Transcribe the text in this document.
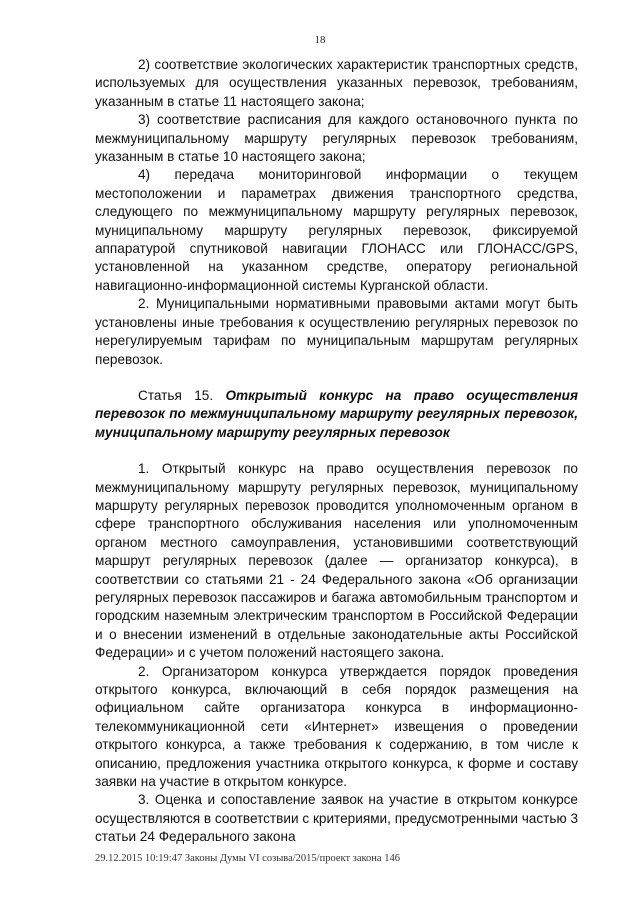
18

2) соответствие экологических характеристик транспортных средств, используемых для осуществления указанных перевозок, требованиям, указанным в статье 11 настоящего закона;

3) соответствие расписания для каждого остановочного пункта по межмуниципальному маршруту регулярных перевозок требованиям, указанным в статье 10 настоящего закона;

4) передача мониторинговой информации о текущем местоположении и параметрах движения транспортного средства, следующего по межмуниципальному маршруту регулярных перевозок, муниципальному маршруту регулярных перевозок, фиксируемой аппаратурой спутниковой навигации ГЛОНАСС или ГЛОНАСС/GPS, установленной на указанном средстве, оператору региональной навигационно-информационной системы Курганской области.

2. Муниципальными нормативными правовыми актами могут быть установлены иные требования к осуществлению регулярных перевозок по нерегулируемым тарифам по муниципальным маршрутам регулярных перевозок.

Статья 15. Открытый конкурс на право осуществления перевозок по межмуниципальному маршруту регулярных перевозок, муниципальному маршруту регулярных перевозок

1. Открытый конкурс на право осуществления перевозок по межмуниципальному маршруту регулярных перевозок, муниципальному маршруту регулярных перевозок проводится уполномоченным органом в сфере транспортного обслуживания населения или уполномоченным органом местного самоуправления, установившими соответствующий маршрут регулярных перевозок (далее — организатор конкурса), в соответствии со статьями 21 - 24 Федерального закона «Об организации регулярных перевозок пассажиров и багажа автомобильным транспортом и городским наземным электрическим транспортом в Российской Федерации и о внесении изменений в отдельные законодательные акты Российской Федерации» и с учетом положений настоящего закона.

2. Организатором конкурса утверждается порядок проведения открытого конкурса, включающий в себя порядок размещения на официальном сайте организатора конкурса в информационно-телекоммуникационной сети «Интернет» извещения о проведении открытого конкурса, а также требования к содержанию, в том числе к описанию, предложения участника открытого конкурса, к форме и составу заявки на участие в открытом конкурсе.

3. Оценка и сопоставление заявок на участие в открытом конкурсе осуществляются в соответствии с критериями, предусмотренными частью 3 статьи 24 Федерального закона

29.12.2015 10:19:47 Законы Думы VI созыва/2015/проект закона 146
